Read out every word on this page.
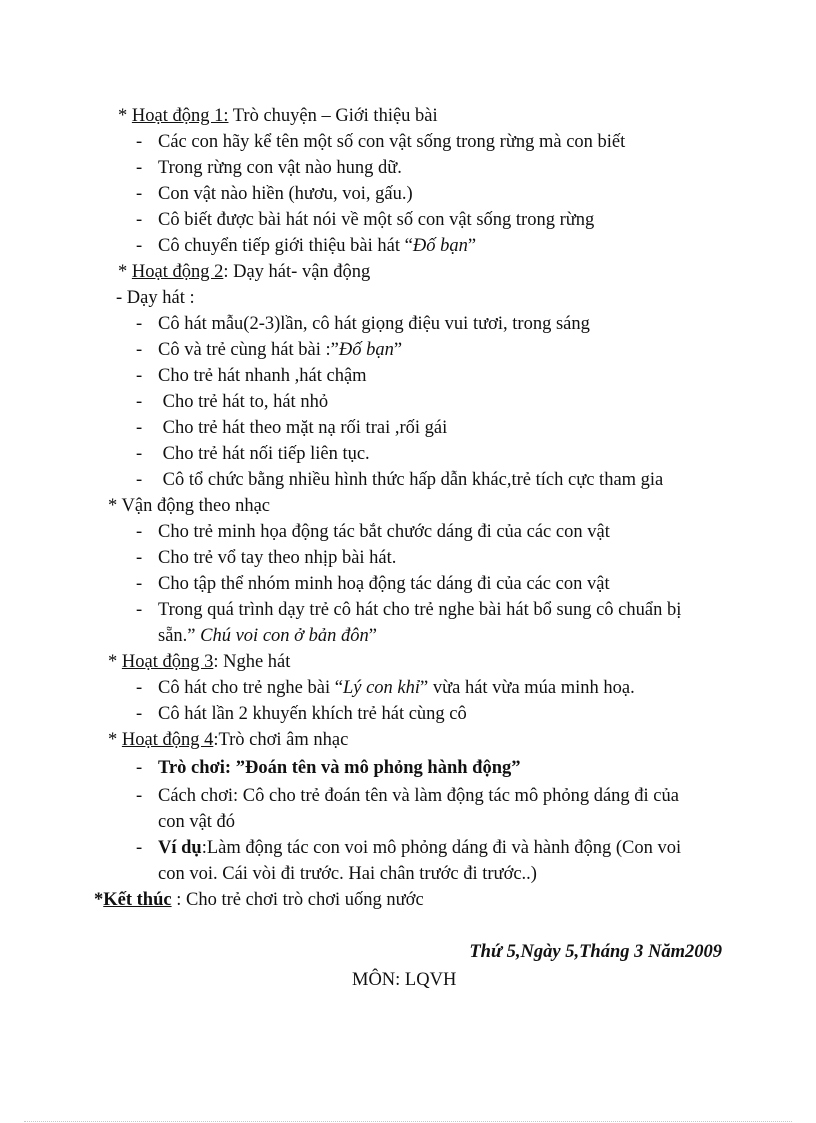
* Hoạt động 1: Trò chuyện – Giới thiệu bài
- Các con hãy kể tên một số con vật sống trong rừng mà con biết
- Trong rừng con vật nào hung dữ.
- Con vật nào hiền (hươu, voi, gấu.)
- Cô biết được bài hát nói về một số con vật sống trong rừng
- Cô chuyển tiếp giới thiệu bài hát “Đố bạn”
* Hoạt động 2: Dạy hát- vận động
- Dạy hát :
- Cô hát mẫu(2-3)lần, cô hát giọng điệu vui tươi, trong sáng
- Cô và trẻ cùng hát bài :”Đố bạn”
- Cho trẻ hát nhanh ,hát chậm
- Cho trẻ hát to, hát nhỏ
- Cho trẻ hát theo mặt nạ rối trai ,rối gái
- Cho trẻ hát nối tiếp liên tục.
- Cô tổ chức bằng nhiều hình thức hấp dẫn khác,trẻ tích cực tham gia
* Vận động theo nhạc
- Cho trẻ minh họa động tác bắt chước dáng đi của các con vật
- Cho trẻ vổ tay theo nhịp bài hát.
- Cho tập thể nhóm minh hoạ động tác dáng đi của các con vật
- Trong quá trình dạy trẻ cô hát cho trẻ nghe bài hát bổ sung cô chuẩn bị
sẵn.” Chú voi con ở bản đôn”
* Hoạt động 3: Nghe hát
- Cô hát cho trẻ nghe bài “Lý con khỉ” vừa hát vừa múa minh hoạ.
- Cô hát lần 2 khuyến khích trẻ hát cùng cô
* Hoạt động 4:Trò chơi âm nhạc
- Trò chơi: ”Đoán tên và mô phỏng hành động”
- Cách chơi: Cô cho trẻ đoán tên và làm động tác mô phỏng dáng đi của
con vật đó
- Ví dụ:Làm động tác con voi mô phỏng dáng đi và hành động (Con voi
con voi. Cái vòi đi trước. Hai chân trước đi trước..)
*Kết thúc : Cho trẻ chơi trò chơi uống nước
Thứ 5,Ngày 5,Tháng 3 Năm2009
MÔN: LQVH
